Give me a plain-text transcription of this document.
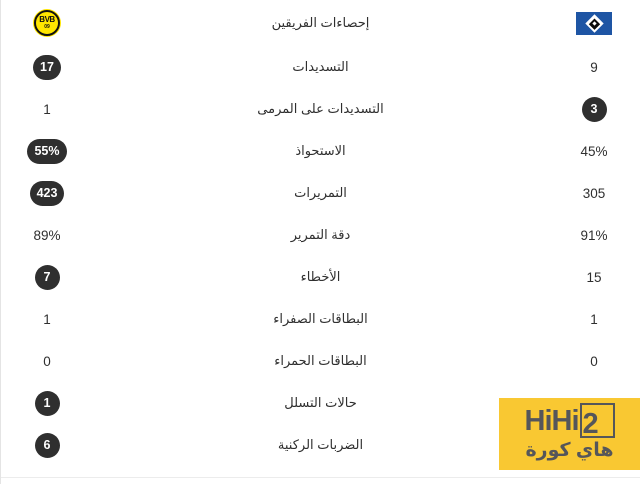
BVB
09	إحصاءات الفريقين
17	التسديدات	9
1	التسديدات على المرمى	3
55%	الاستحواذ	45%
423	التمريرات	305
89%	دقة التمرير	91%
7	الأخطاء	15
1	البطاقات الصفراء	1
0	البطاقات الحمراء	0
1	حالات التسلل
6	الضربات الركنية
HiHi 2
هاي كورة
